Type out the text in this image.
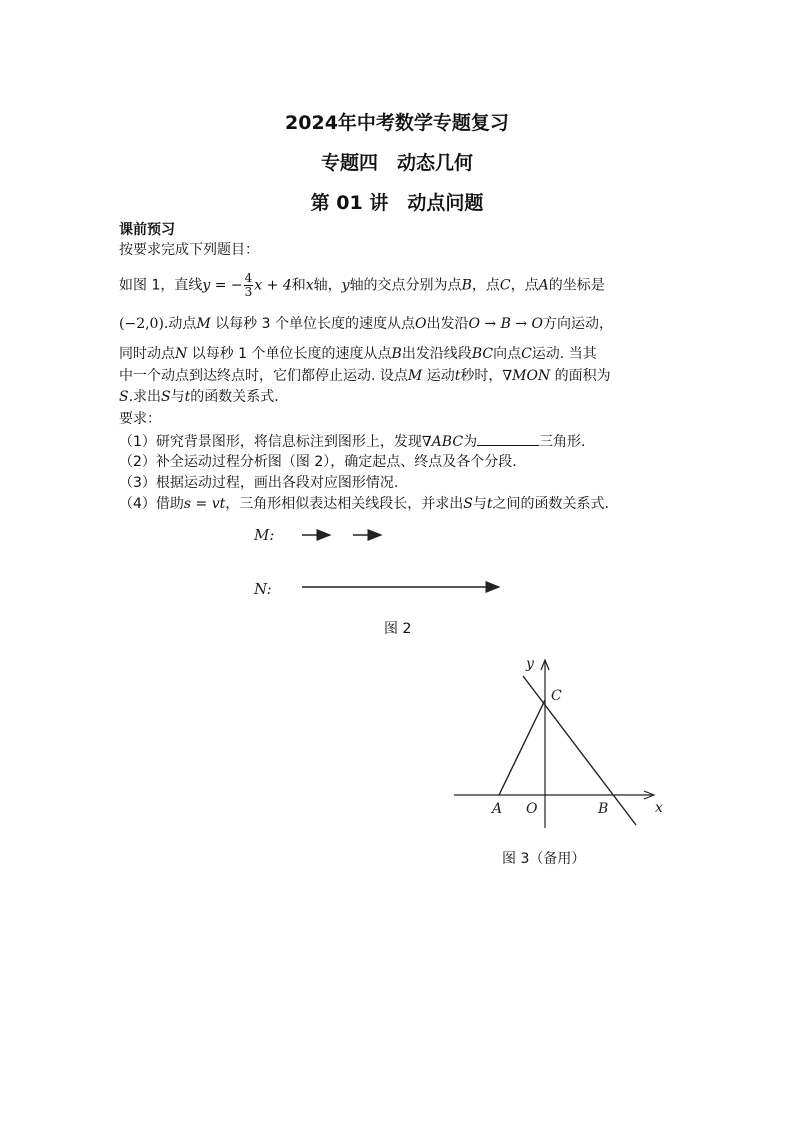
2024年中考数学专题复习
专题四　动态几何
第 01 讲　动点问题
课前预习
按要求完成下列题目：
如图 1，直线y = − $\frac{4}{3}$ x + 4和x轴，y轴的交点分别为点B，点C，点A的坐标是
(−2,0).动点M 以每秒 3 个单位长度的速度从点O出发沿O → B → O方向运动，
同时动点N 以每秒 1 个单位长度的速度从点B出发沿线段BC向点C运动. 当其
中一个动点到达终点时，它们都停止运动. 设点M 运动t秒时，∇MON 的面积为
S.求出S与t的函数关系式.
要求：
（1）研究背景图形，将信息标注到图形上，发现∇ABC为	三角形.
（2）补全运动过程分析图（图 2），确定起点、终点及各个分段.
（3）根据运动过程，画出各段对应图形情况.
（4）借助s = vt，三角形相似表达相关线段长，并求出S与t之间的函数关系式.
M:
N:
图 2
y
x
A O	B
C
图 3（备用）
